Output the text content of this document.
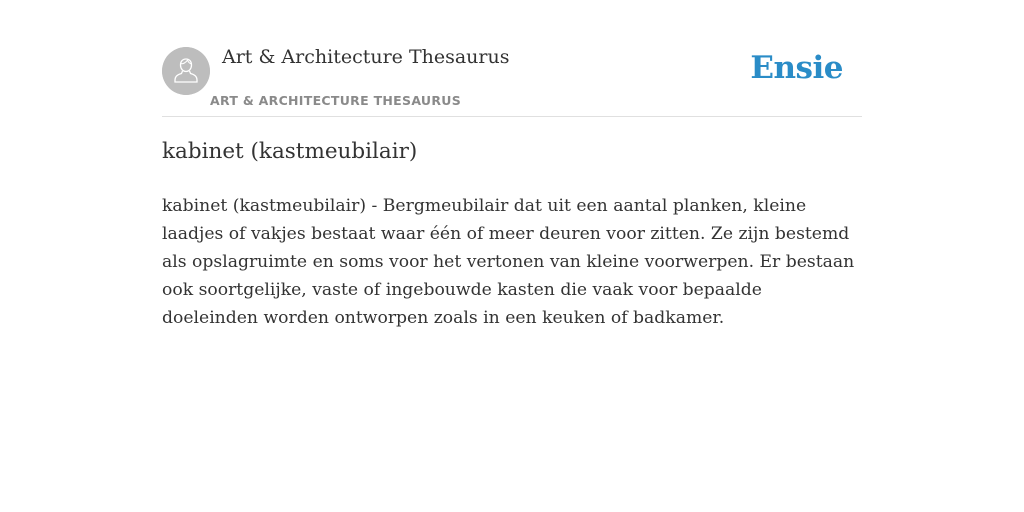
Art & Architecture Thesaurus
ART & ARCHITECTURE THESAURUS
Ensie
kabinet (kastmeubilair)

kabinet (kastmeubilair) - Bergmeubilair dat uit een aantal planken, kleine laadjes of vakjes bestaat waar één of meer deuren voor zitten. Ze zijn bestemd als opslagruimte en soms voor het vertonen van kleine voorwerpen. Er bestaan ook soortgelijke, vaste of ingebouwde kasten die vaak voor bepaalde doeleinden worden ontworpen zoals in een keuken of badkamer.
